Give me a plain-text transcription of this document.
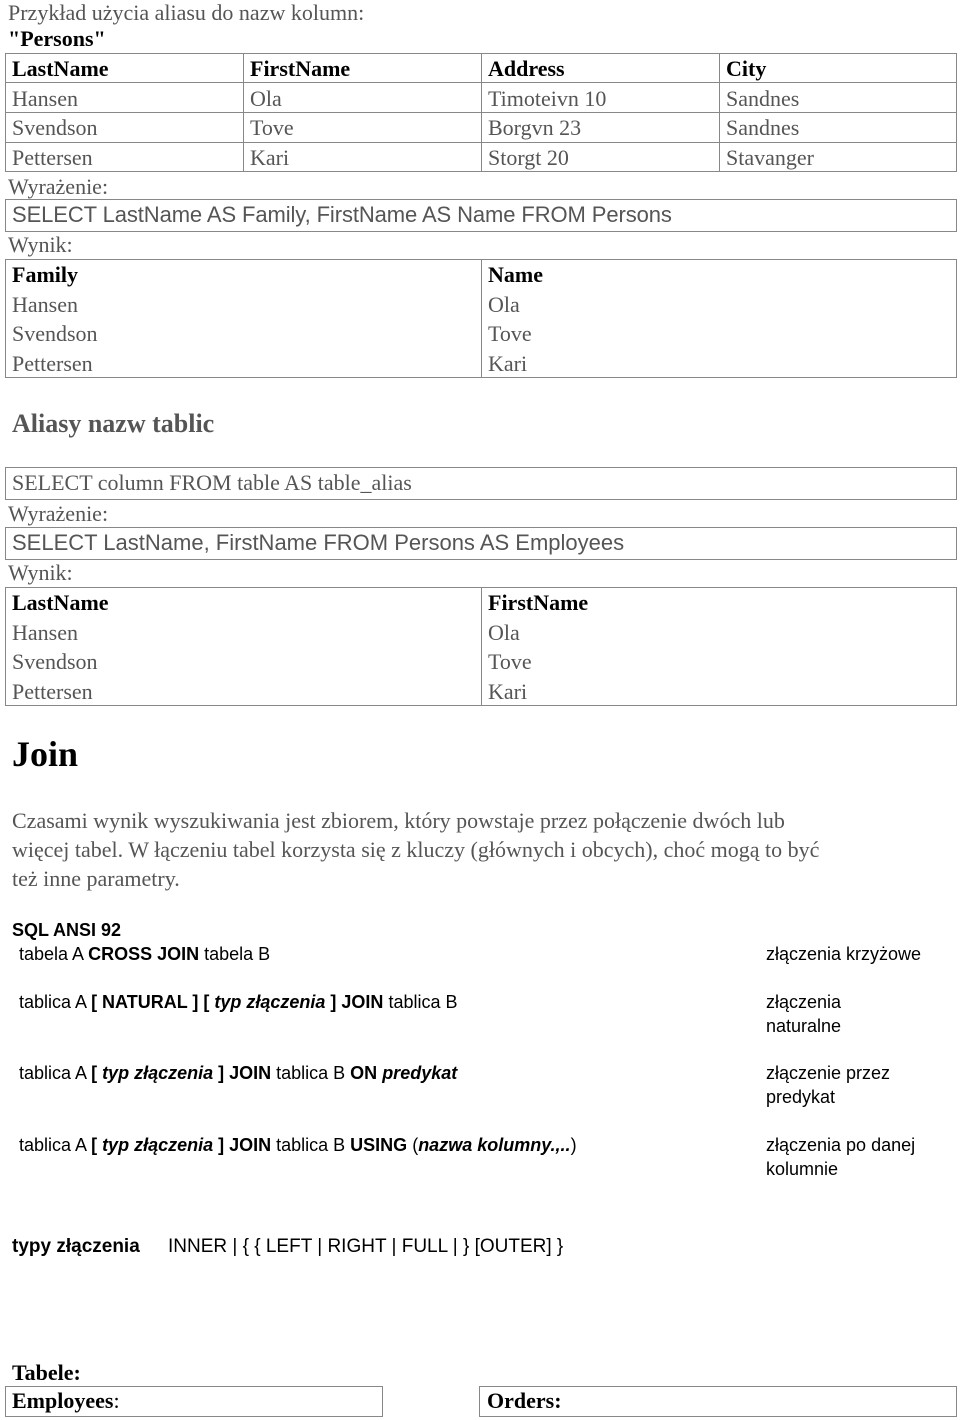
Przykład użycia aliasu do nazw kolumn:
"Persons"
LastName	FirstName	Address	City
Hansen	Ola	Timoteivn 10	Sandnes
Svendson	Tove	Borgvn 23	Sandnes
Pettersen	Kari	Storgt 20	Stavanger
Wyrażenie:
SELECT LastName AS Family, FirstName AS Name FROM Persons
Wynik:
Family	Name
Hansen	Ola
Svendson	Tove
Pettersen	Kari
Aliasy nazw tablic
SELECT column FROM table AS table_alias
Wyrażenie:
SELECT LastName, FirstName FROM Persons AS Employees
Wynik:
LastName	FirstName
Hansen	Ola
Svendson	Tove
Pettersen	Kari
Join
Czasami wynik wyszukiwania jest zbiorem, który powstaje przez połączenie dwóch lub
więcej tabel. W łączeniu tabel korzysta się z kluczy (głównych i obcych), choć mogą to być
też inne parametry.
SQL ANSI 92
tabela A CROSS JOIN tabela B	złączenia krzyżowe
tablica A [ NATURAL ] [ typ złączenia ] JOIN tablica B	złączenia
naturalne
tablica A [ typ złączenia ] JOIN tablica B ON predykat	złączenie przez
predykat
tablica A [ typ złączenia ] JOIN tablica B USING (nazwa kolumny.,..)	złączenia po danej
kolumnie
typy złączenia INNER | { { LEFT | RIGHT | FULL | } [OUTER] }
Tabele:
Employees:	Orders:
